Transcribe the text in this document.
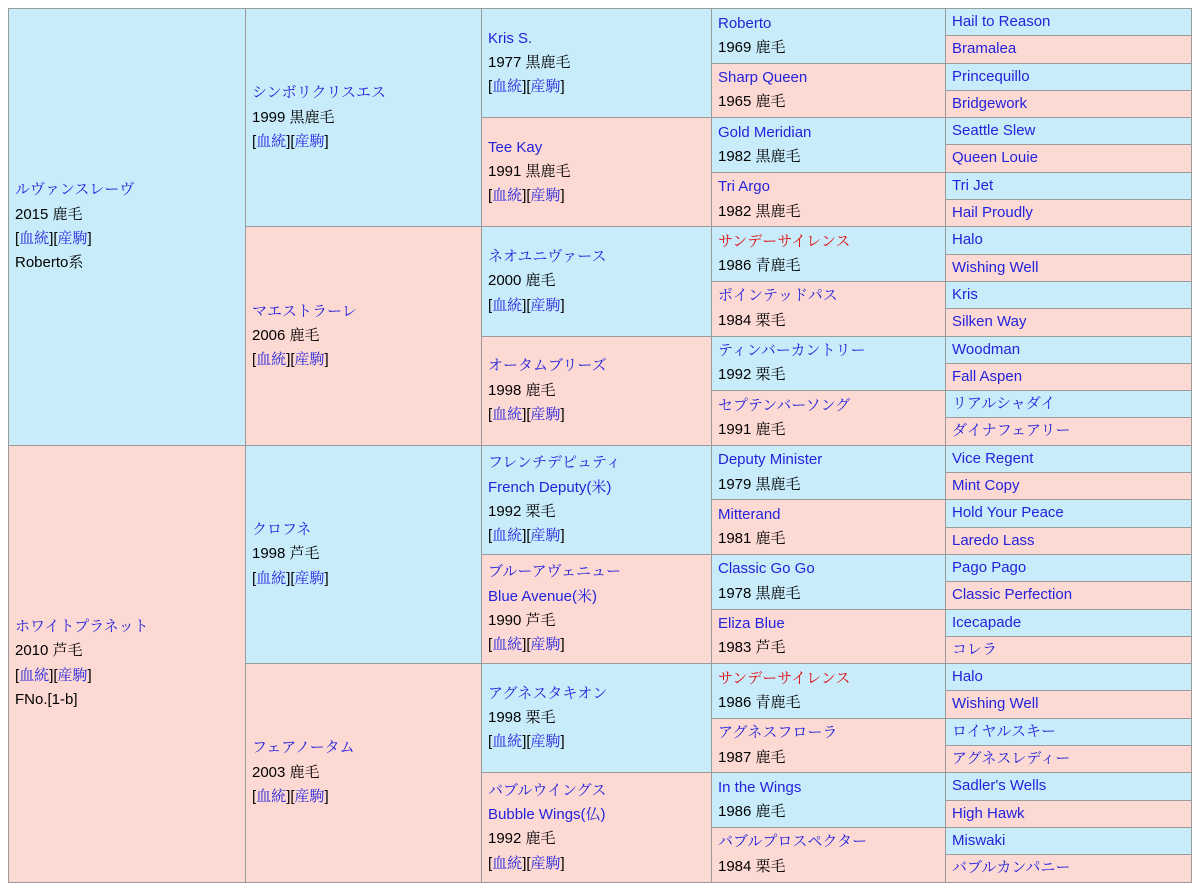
ルヴァンスレーヴ
2015 鹿毛
[血統][産駒]
Roberto系	シンボリクリスエス
1999 黒鹿毛
[血統][産駒]	Kris S.
1977 黒鹿毛
[血統][産駒]	Roberto
1969 鹿毛	Hail to Reason

				Bramalea

			Sharp Queen
1965 鹿毛	Princequillo

				Bridgework

		Tee Kay
1991 黒鹿毛
[血統][産駒]	Gold Meridian
1982 黒鹿毛	Seattle Slew

				Queen Louie

			Tri Argo
1982 黒鹿毛	Tri Jet

				Hail Proudly

	マエストラーレ
2006 鹿毛
[血統][産駒]	ネオユニヴァース
2000 鹿毛
[血統][産駒]	サンデーサイレンス
1986 青鹿毛	Halo

				Wishing Well

			ポインテッドパス
1984 栗毛	Kris

				Silken Way

		オータムブリーズ
1998 鹿毛
[血統][産駒]	ティンバーカントリー
1992 栗毛	Woodman

				Fall Aspen

			セプテンバーソング
1991 鹿毛	リアルシャダイ

				ダイナフェアリー

ホワイトプラネット
2010 芦毛
[血統][産駒]
FNo.[1-b]	クロフネ
1998 芦毛
[血統][産駒]	フレンチデピュティ
French Deputy(米)
1992 栗毛
[血統][産駒]	Deputy Minister
1979 黒鹿毛	Vice Regent

				Mint Copy

			Mitterand
1981 鹿毛	Hold Your Peace

				Laredo Lass

		ブルーアヴェニュー
Blue Avenue(米)
1990 芦毛
[血統][産駒]	Classic Go Go
1978 黒鹿毛	Pago Pago

				Classic Perfection

			Eliza Blue
1983 芦毛	Icecapade

				コレラ

	フェアノータム
2003 鹿毛
[血統][産駒]	アグネスタキオン
1998 栗毛
[血統][産駒]	サンデーサイレンス
1986 青鹿毛	Halo

				Wishing Well

			アグネスフローラ
1987 鹿毛	ロイヤルスキー

				アグネスレディー

		バブルウイングス
Bubble Wings(仏)
1992 鹿毛
[血統][産駒]	In the Wings
1986 鹿毛	Sadler's Wells

				High Hawk

			バブルプロスペクター
1984 栗毛	Miswaki

				バブルカンパニー
